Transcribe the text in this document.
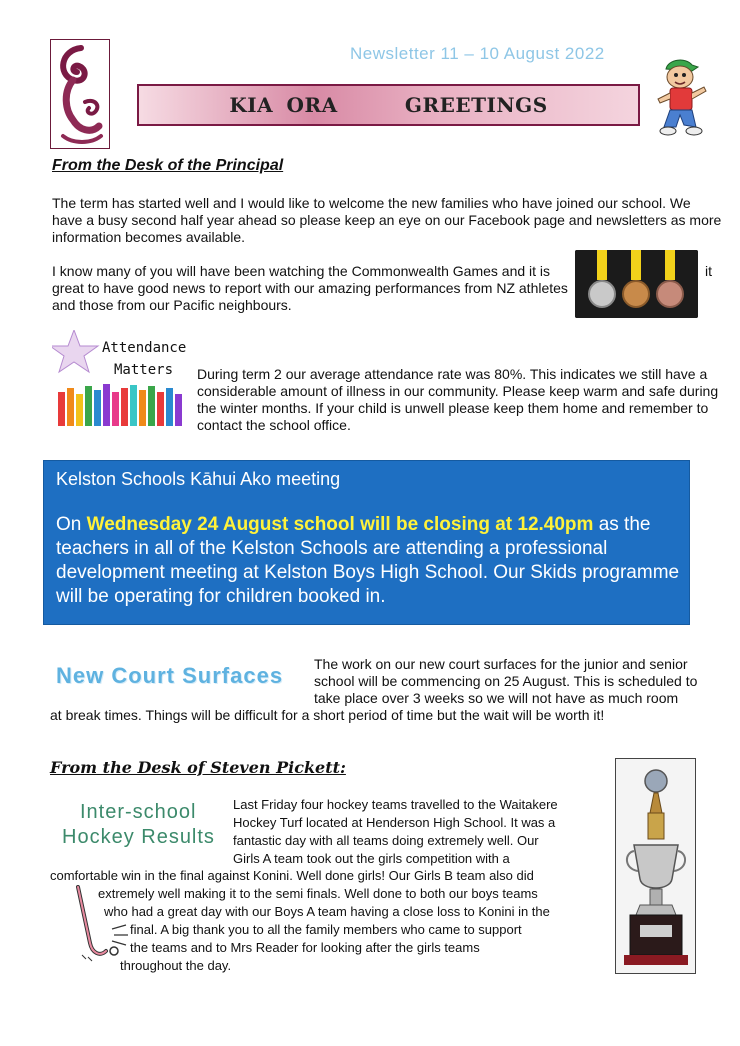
Newsletter 11 – 10 August 2022
KIA ORA     GREETINGS
From the Desk of the Principal

The term has started well and I would like to welcome the new families who have joined our school. We have a busy second half year ahead so please keep an eye on our Facebook page and newsletters as more information becomes available.

I know many of you will have been watching the Commonwealth Games and it is great to have good news to report with our amazing performances from NZ athletes and those from our Pacific neighbours.

it
Attendance
Matters During term 2 our average attendance rate was 80%. This indicates we still have a considerable amount of illness in our community. Please keep warm and safe during the winter months. If your child is unwell please keep them home and remember to contact the school office.

Kelston Schools Kāhui Ako meeting

On Wednesday 24 August school will be closing at 12.40pm as the teachers in all of the Kelston Schools are attending a professional development meeting at Kelston Boys High School. Our Skids programme will be operating for children booked in.

New Court Surfaces The work on our new court surfaces for the junior and senior school will be commencing on 25 August. This is scheduled to take place over 3 weeks so we will not have as much room

at break times. Things will be difficult for a short period of time but the wait will be worth it!

From the Desk of Steven Pickett:
Inter-school
Hockey Results
Last Friday four hockey teams travelled to the Waitakere
Hockey Turf located at Henderson High School. It was a
fantastic day with all teams doing extremely well. Our
Girls A team took out the girls competition with a
comfortable win in the final against Konini. Well done girls! Our Girls B team also did
extremely well making it to the semi finals. Well done to both our boys teams
who had a great day with our Boys A team having a close loss to Konini in the
final. A big thank you to all the family members who came to support
the teams and to Mrs Reader for looking after the girls teams
throughout the day.
